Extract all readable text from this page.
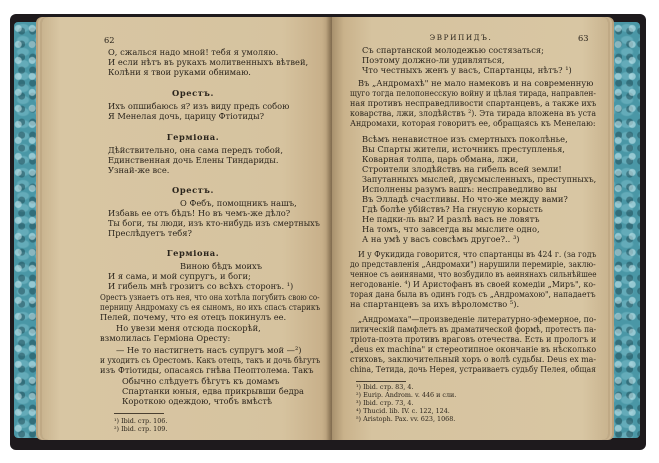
62
О, сжалься надо мной! тебя я умоляю.
И если нѣтъ въ рукахъ молитвенныхъ вѣтвей,
Колѣни я твои руками обнимаю.
Орестъ.
Ихъ опшибаюсь я? изъ виду предъ собою
Я Менелая дочь, царицу Фтіотиды?
Герміона.
Дѣйствительно, она сама передъ тобой,
Единственная дочь Елены Тиндариды.
Узнай-же все.
Орестъ.
О Фебъ, помощникъ нашъ,
Избавь ее отъ бѣдъ! Но въ чемъ-же дѣло?
Ты боги, ты люди, изъ кто-нибудь изъ смертныхъ
Преслѣдуетъ тебя?
Герміона.
Виною бѣдъ моихъ
И я сама, и мой супругъ, и боги;
И гибель мнѣ грозитъ со всѣхъ сторонъ. ¹)
Орестъ узнаетъ отъ нея, что она хотѣла погубить свою со-
перницу Андромаху съ ея сыномъ, но ихъ спасъ старикъ
Пелей, почему, что ея отецъ покинулъ ее.
Но увези меня отсюда поскорѣй,
взмолилась Гермiона Оресту:
— Не то настигнетъ насъ супругъ мой —²)
и уходитъ съ Орестомъ. Какъ отецъ, такъ и дочь бѣгутъ
изъ Фтіотиды, опасаясь гнѣва Пеоптолема. Такъ
Обычно слѣдуетъ бѣгутъ къ домамъ
Спартанки юныя, едва прикрывши бедра
Короткою одеждою, чтобъ вмѣстѣ
¹) Ibid. стр. 106.
²) Ibid. стр. 109.
ЭВРИПИДЪ.	63
Съ спартанской молодежью состязаться;
Поэтому должно-ли удивляться,
Что честныхъ женъ у васъ, Спартанцы, нѣтъ? ¹)
Въ „Андромахѣ" не мало намековъ и на современную
щуго тогда пелопонесскую войну и цѣлая тирада, направлен-
ная противъ несправедливости спартанцевъ, а также ихъ
коварства, лжи, злодѣйствъ ²). Эта тирада вложена въ уста
Андромахи, которая говоритъ ее, обращаясь къ Менелаю:
Всѣмъ ненавистное изъ смертныхъ поколѣнье,
Вы Спарты жители, источникъ преступленья,
Коварная толпа, царь обмана, лжи,
Строители злодѣйствъ на гибель всей земли!
Запутанныхъ мыслей, двусмысленныхъ, преступныхъ,
Исполнены разумъ вашъ: несправедливо вы
Въ Элладѣ счастливы. Но что-же между вами?
Гдѣ болѣе убійствъ? На гнусную корысть
Не падки-ль вы? И разлѣ васъ не ловятъ
На томъ, что завсегда вы мыслите одно,
А на умѣ у васъ совсѣмъ другое?.. ³)
И у Фукидида говорится, что спартанцы въ 424 г. (за годъ
до представленія „Андромахи") нарушили перемиріе, заклю-
ченное съ аѳинянами, что возбудило въ аѳинянахъ сильнѣйшее
негодованіе. ⁴) И Аристофанъ въ своей комедіи „Миръ", ко-
торая дана была въ одинъ годъ съ „Андромахою", нападаетъ
на спартанцевъ за ихъ вѣроломство ⁵).
„Андромаха"—произведеніе литературно-эфемерное, по-
литическій памфлетъ въ драматической формѣ, протестъ па-
тріота-поэта противъ враговъ отечества. Есть и прологъ и
„deus ex machina" и стереотипное окончаніе въ нѣсколько
стиховъ, заключительный хоръ о волѣ судьбы. Deus ex ma-
china, Тетида, дочь Нерея, устраиваетъ судьбу Пелея, общая
¹) Ibid. стр. 83, 4.
²) Eurip. Androm. v. 446 и сли.
³) Ibid. стр. 73, 4.
⁴) Thucid. lib. IV. c. 122, 124.
⁵) Aristoph. Pax. vv. 623, 1068.
